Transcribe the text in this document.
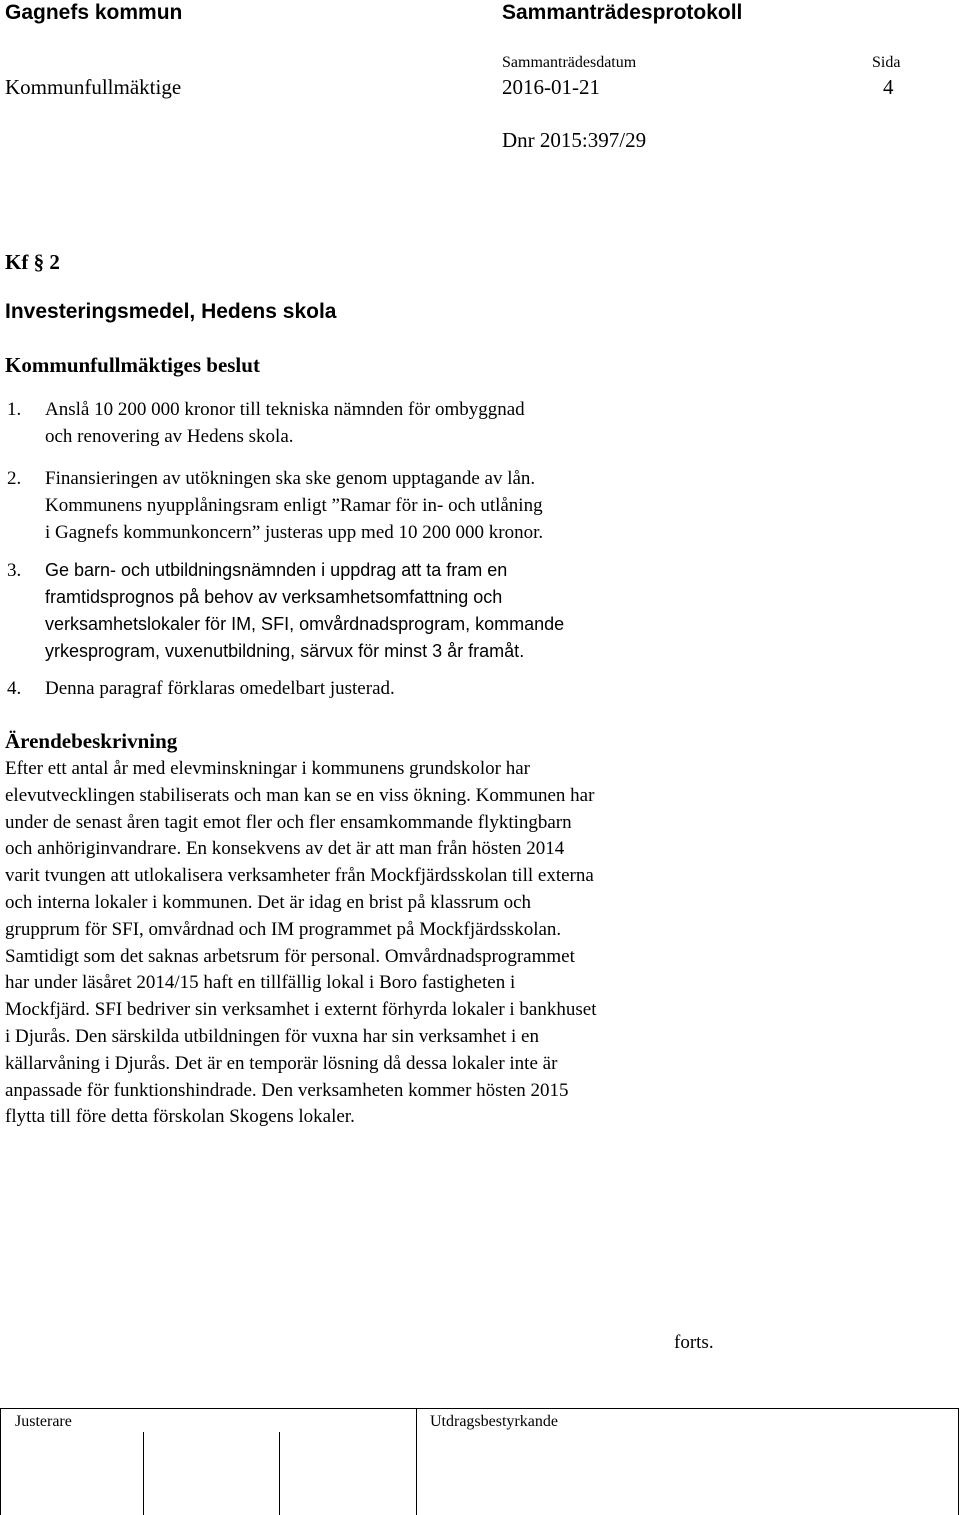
Gagnefs kommun	Sammanträdesprotokoll
Sammanträdesdatum	Sida
Kommunfullmäktige	2016-01-21	4
Dnr 2015:397/29
Kf § 2
Investeringsmedel, Hedens skola
Kommunfullmäktiges beslut
1. Anslå 10 200 000 kronor till tekniska nämnden för ombyggnad
och renovering av Hedens skola.
2. Finansieringen av utökningen ska ske genom upptagande av lån.
Kommunens nyupplåningsram enligt ”Ramar för in- och utlåning
i Gagnefs kommunkoncern” justeras upp med 10 200 000 kronor.
3. Ge barn- och utbildningsnämnden i uppdrag att ta fram en
framtidsprognos på behov av verksamhetsomfattning och
verksamhetslokaler för IM, SFI, omvårdnadsprogram, kommande
yrkesprogram, vuxenutbildning, särvux för minst 3 år framåt.
4. Denna paragraf förklaras omedelbart justerad.
Ärendebeskrivning
Efter ett antal år med elevminskningar i kommunens grundskolor har
elevutvecklingen stabiliserats och man kan se en viss ökning. Kommunen har
under de senast åren tagit emot fler och fler ensamkommande flyktingbarn
och anhöriginvandrare. En konsekvens av det är att man från hösten 2014
varit tvungen att utlokalisera verksamheter från Mockfjärdsskolan till externa
och interna lokaler i kommunen. Det är idag en brist på klassrum och
grupprum för SFI, omvårdnad och IM programmet på Mockfjärdsskolan.
Samtidigt som det saknas arbetsrum för personal. Omvårdnadsprogrammet
har under läsåret 2014/15 haft en tillfällig lokal i Boro fastigheten i
Mockfjärd. SFI bedriver sin verksamhet i externt förhyrda lokaler i bankhuset
i Djurås. Den särskilda utbildningen för vuxna har sin verksamhet i en
källarvåning i Djurås. Det är en temporär lösning då dessa lokaler inte är
anpassade för funktionshindrade. Den verksamheten kommer hösten 2015
flytta till före detta förskolan Skogens lokaler.
forts.
Justerare	Utdragsbestyrkande
